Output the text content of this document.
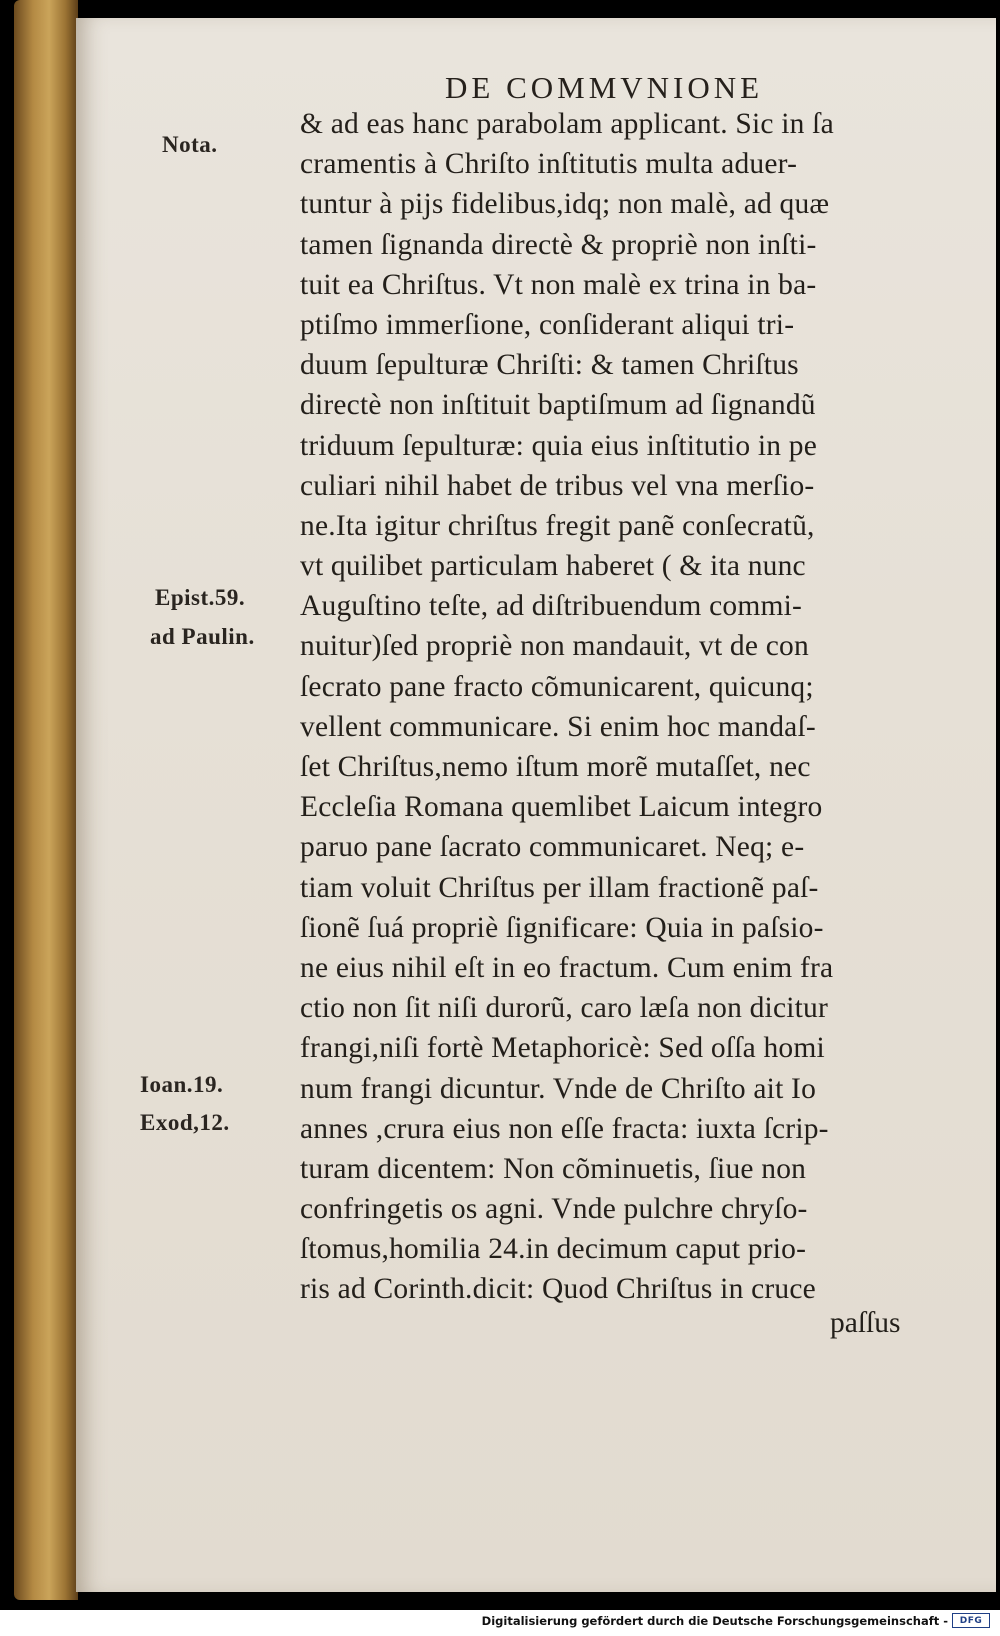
DE COMMVNIONE
Nota.
Epist.59.
ad Paulin.
Ioan.19.
Exod,12.
& ad eas hanc parabolam applicant. Sic in ſa
cramentis à Chriſto inſtitutis multa aduer-
tuntur à pijs fidelibus,idq; non malè, ad quæ
tamen ſignanda directè & propriè non inſti-
tuit ea Chriſtus. Vt non malè ex trina in ba-
ptiſmo immerſione, conſiderant aliqui tri-
duum ſepulturæ Chriſti: & tamen Chriſtus
directè non inſtituit baptiſmum ad ſignandũ
triduum ſepulturæ: quia eius inſtitutio in pe
culiari nihil habet de tribus vel vna merſio-
ne.Ita igitur chriſtus fregit panẽ conſecratũ,
vt quilibet particulam haberet ( & ita nunc
Auguſtino teſte, ad diſtribuendum commi-
nuitur)ſed propriè non mandauit, vt de con
ſecrato pane fracto cõmunicarent, quicunq;
vellent communicare. Si enim hoc mandaſ-
ſet Chriſtus,nemo iſtum morẽ mutaſſet, nec
Eccleſia Romana quemlibet Laicum integro
paruo pane ſacrato communicaret. Neq; e-
tiam voluit Chriſtus per illam fractionẽ paſ-
ſionẽ ſuá propriè ſignificare: Quia in paſsio-
ne eius nihil eſt in eo fractum. Cum enim fra
ctio non ſit niſi durorũ, caro læſa non dicitur
frangi,niſi fortè Metaphoricè: Sed oſſa homi
num frangi dicuntur. Vnde de Chriſto ait Io
annes ,crura eius non eſſe fracta: iuxta ſcrip-
turam dicentem: Non cõminuetis, ſiue non
confringetis os agni. Vnde pulchre chryſo-
ſtomus,homilia 24.in decimum caput prio-
ris ad Corinth.dicit: Quod Chriſtus in cruce
paſſus
Digitalisierung gefördert durch die Deutsche Forschungsgemeinschaft - DFG
